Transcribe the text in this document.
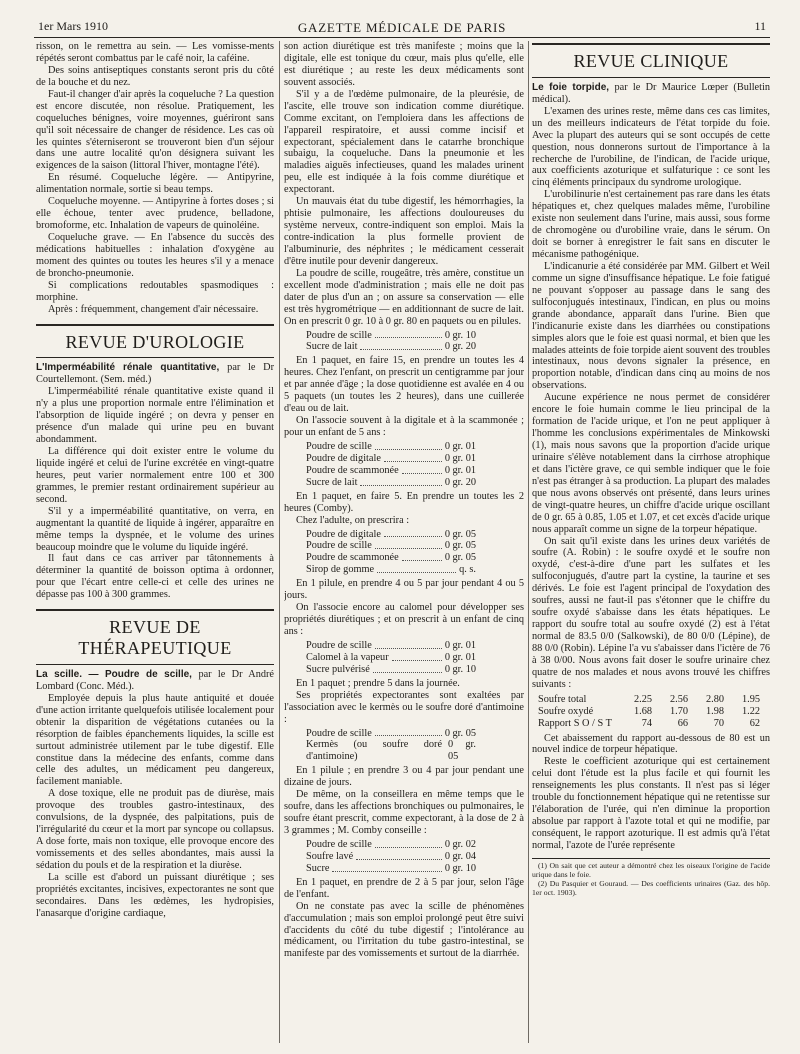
1er Mars 1910	GAZETTE MÉDICALE DE PARIS	11

risson, on le remettra au sein. — Les vomisse-ments répétés seront combattus par le café noir, la caféine.

Des soins antiseptiques constants seront pris du côté de la bouche et du nez.

Faut-il changer d'air après la coqueluche ? La question est encore discutée, non résolue. Pratiquement, les coqueluches bénignes, voire moyennes, guériront sans qu'il soit nécessaire de changer de résidence. Les cas où les quintes s'éterniseront se trouveront bien d'un séjour dans une autre localité qu'on désignera suivant les exigences de la saison (littoral l'hiver, montagne l'été).

En résumé. Coqueluche légère. — Antipyrine, alimentation normale, sortie si beau temps.

Coqueluche moyenne. — Antipyrine à fortes doses ; si elle échoue, tenter avec prudence, belladone, bromoforme, etc. Inhalation de vapeurs de quinoléine.

Coqueluche grave. — En l'absence du succès des médications habituelles : inhalation d'oxygène au moment des quintes ou toutes les heures s'il y a menace de broncho-pneumonie.

Si complications redoutables spasmodiques : morphine.

Après : fréquemment, changement d'air nécessaire.

REVUE D'UROLOGIE
L'Imperméabilité rénale quantitative, par le Dr Courtellemont. (Sem. méd.)

L'imperméabilité rénale quantitative existe quand il n'y a plus une proportion normale entre l'élimination et l'absorption de liquide ingéré ; on devra y penser en présence d'un malade qui urine peu en buvant abondamment.

La différence qui doit exister entre le volume du liquide ingéré et celui de l'urine excrétée en vingt-quatre heures, peut varier normalement entre 100 et 300 grammes, le premier restant ordinairement supérieur au second.

S'il y a imperméabilité quantitative, on verra, en augmentant la quantité de liquide à ingérer, apparaître en même temps la dyspnée, et le volume des urines beaucoup moindre que le volume du liquide ingéré.

Il faut dans ce cas arriver par tâtonnements à déterminer la quantité de boisson optima à ordonner, pour que l'écart entre celle-ci et celle des urines ne dépasse pas 100 à 300 grammes.

REVUE DE THÉRAPEUTIQUE
La scille. — Poudre de scille, par le Dr André Lombard (Conc. Méd.).

Employée depuis la plus haute antiquité et douée d'une action irritante quelquefois utilisée localement pour obtenir la disparition de végétations cutanées ou la résorption de faibles épanchements liquides, la scille est surtout administrée utilement par le tube digestif. Elle constitue dans la médecine des enfants, comme dans celle des adultes, un médicament peu dangereux, facilement maniable.

A dose toxique, elle ne produit pas de diurèse, mais provoque des troubles gastro-intestinaux, des convulsions, de la dyspnée, des palpitations, puis de l'irrégularité du cœur et la mort par syncope ou collapsus. A dose forte, mais non toxique, elle provoque encore des vomissements et des selles abondantes, mais aussi la sédation du pouls et de la respiration et la diurèse.

La scille est d'abord un puissant diurétique ; ses propriétés excitantes, incisives, expectorantes ne sont que secondaires. Dans les œdèmes, les hydropisies, l'anasarque d'origine cardiaque,

son action diurétique est très manifeste ; moins que la digitale, elle est tonique du cœur, mais plus qu'elle, elle est diurétique ; au reste les deux médicaments sont souvent associés.

S'il y a de l'œdème pulmonaire, de la pleurésie, de l'ascite, elle trouve son indication comme diurétique. Comme excitant, on l'emploiera dans les affections de l'appareil respiratoire, et aussi comme incisif et expectorant, spécialement dans le catarrhe bronchique subaigu, la coqueluche. Dans la pneumonie et les maladies aiguës infectieuses, quand les malades urinent peu, elle est indiquée à la fois comme diurétique et expectorant.

Un mauvais état du tube digestif, les hémorrhagies, la phtisie pulmonaire, les affections douloureuses du système nerveux, contre-indiquent son emploi. Mais la contre-indication la plus formelle provient de l'albuminurie, des néphrites ; le médicament cesserait d'être inutile pour devenir dangereux.

La poudre de scille, rougeâtre, très amère, constitue un excellent mode d'administration ; mais elle ne doit pas dater de plus d'un an ; on assure sa conservation — elle est très hygrométrique — en additionnant de sucre de lait. On en prescrit 0 gr. 10 à 0 gr. 80 en paquets ou en pilules.

Poudre de scille	0 gr. 10
Sucre de lait	0 gr. 20

En 1 paquet, en faire 15, en prendre un toutes les 4 heures. Chez l'enfant, on prescrit un centigramme par jour et par année d'âge ; la dose quotidienne est avalée en 4 ou 5 paquets (un toutes les 2 heures), dans une cuillerée d'eau ou de lait.

On l'associe souvent à la digitale et à la scammonée ; pour un enfant de 5 ans :

Poudre de scille	0 gr. 01
Poudre de digitale	0 gr. 01
Poudre de scammonée	0 gr. 01
Sucre de lait	0 gr. 20

En 1 paquet, en faire 5. En prendre un toutes les 2 heures (Comby).

Chez l'adulte, on prescrira :

Poudre de digitale	0 gr. 05
Poudre de scille	0 gr. 05
Poudre de scammonée	0 gr. 05
Sirop de gomme	q. s.

En 1 pilule, en prendre 4 ou 5 par jour pendant 4 ou 5 jours.

On l'associe encore au calomel pour développer ses propriétés diurétiques ; et on prescrit à un enfant de cinq ans :

Poudre de scille	0 gr. 01
Calomel à la vapeur	0 gr. 01
Sucre pulvérisé	0 gr. 10

En 1 paquet ; prendre 5 dans la journée.

Ses propriétés expectorantes sont exaltées par l'association avec le kermès ou le soufre doré d'antimoine :

Poudre de scille	0 gr. 05
Kermès (ou soufre doré d'antimoine)
0 gr. 05

En 1 pilule ; en prendre 3 ou 4 par jour pendant une dizaine de jours.

De même, on la conseillera en même temps que le soufre, dans les affections bronchiques ou pulmonaires, le soufre étant prescrit, comme expectorant, à la dose de 2 à 3 grammes ; M. Comby conseille :

Poudre de scille	0 gr. 02
Soufre lavé	0 gr. 04
Sucre	0 gr. 10

En 1 paquet, en prendre de 2 à 5 par jour, selon l'âge de l'enfant.

On ne constate pas avec la scille de phénomènes d'accumulation ; mais son emploi prolongé peut être suivi d'accidents du côté du tube digestif ; l'intolérance au médicament, ou l'irritation du tube gastro-intestinal, se manifeste par des vomissements et surtout de la diarrhée.

REVUE CLINIQUE
Le foie torpide, par le Dr Maurice Lœper (Bulletin médical).

L'examen des urines reste, même dans ces cas limites, un des meilleurs indicateurs de l'état torpide du foie. Avec la plupart des auteurs qui se sont occupés de cette question, nous donnerons surtout de l'importance à la recherche de l'urobiline, de l'indican, de l'acide urique, aux coefficients azoturique et sulfaturique : ce sont les cinq éléments principaux du syndrome urologique.

L'urobilinurie n'est certainement pas rare dans les états hépatiques et, chez quelques malades même, l'urobiline existe non seulement dans l'urine, mais aussi, sous forme de chromogène ou d'urobiline vraie, dans le sérum. On doit se borner à enregistrer le fait sans en discuter le mécanisme pathogénique.

L'indicanurie a été considérée par MM. Gilbert et Weil comme un signe d'insuffisance hépatique. Le foie fatigué ne pouvant s'opposer au passage dans le sang des sulfoconjugués intestinaux, l'indican, en plus ou moins grande abondance, apparaît dans l'urine. Bien que l'indicanurie existe dans les diarrhées ou constipations simples alors que le foie est quasi normal, et bien que les malades atteints de foie torpide aient souvent des troubles intestinaux, nous devons signaler la présence, en proportion notable, d'indican dans cinq au moins de nos observations.

Aucune expérience ne nous permet de considérer encore le foie humain comme le lieu principal de la formation de l'acide urique, et l'on ne peut appliquer à l'homme les conclusions expérimentales de Minkowski (1), mais nous savons que la proportion d'acide urique urinaire s'élève notablement dans la cirrhose atrophique et dans l'ictère grave, ce qui semble indiquer que le foie n'est pas étranger à sa production. La plupart des malades que nous avons observés ont présenté, dans leurs urines de vingt-quatre heures, un chiffre d'acide urique oscillant de 0 gr. 65 à 0.85, 1.05 et 1.07, et cet excès d'acide urique nous apparaît comme un signe de la torpeur hépatique.

On sait qu'il existe dans les urines deux variétés de soufre (A. Robin) : le soufre oxydé et le soufre non oxydé, c'est-à-dire d'une part les sulfates et les sulfoconjugués, d'autre part la cystine, la taurine et ses dérivés. Le foie est l'agent principal de l'oxydation des soufres, aussi ne faut-il pas s'étonner que le chiffre du soufre oxydé s'abaisse dans les états hépatiques. Le rapport du soufre total au soufre oxydé (2) est à l'état normal de 83.5 0/0 (Salkowski), de 80 0/0 (Lépine), de 88 0/0 (Robin). Lépine l'a vu s'abaisser dans l'ictère de 76 à 38 0/00. Nous avons fait doser le soufre urinaire chez quatre de nos malades et nous avons trouvé les chiffres suivants :

Soufre total	2.25	2.56	2.80	1.95
Soufre oxydé	1.68	1.70	1.98	1.22
Rapport S O / S T	74	66	70	62

Cet abaissement du rapport au-dessous de 80 est un nouvel indice de torpeur hépatique.

Reste le coefficient azoturique qui est certainement celui dont l'étude est la plus facile et qui fournit les renseignements les plus constants. Il n'est pas si léger trouble du fonctionnement hépatique qui ne retentisse sur l'élaboration de l'urée, qui n'en diminue la proportion absolue par rapport à l'azote total et qui ne modifie, par conséquent, le rapport azoturique. Il est admis qu'à l'état normal, l'azote de l'urée représente

(1) On sait que cet auteur a démontré chez les oiseaux l'origine de l'acide urique dans le foie.

(2) Du Pasquier et Gouraud. — Des coefficients urinaires (Gaz. des hôp. 1er oct. 1903).
